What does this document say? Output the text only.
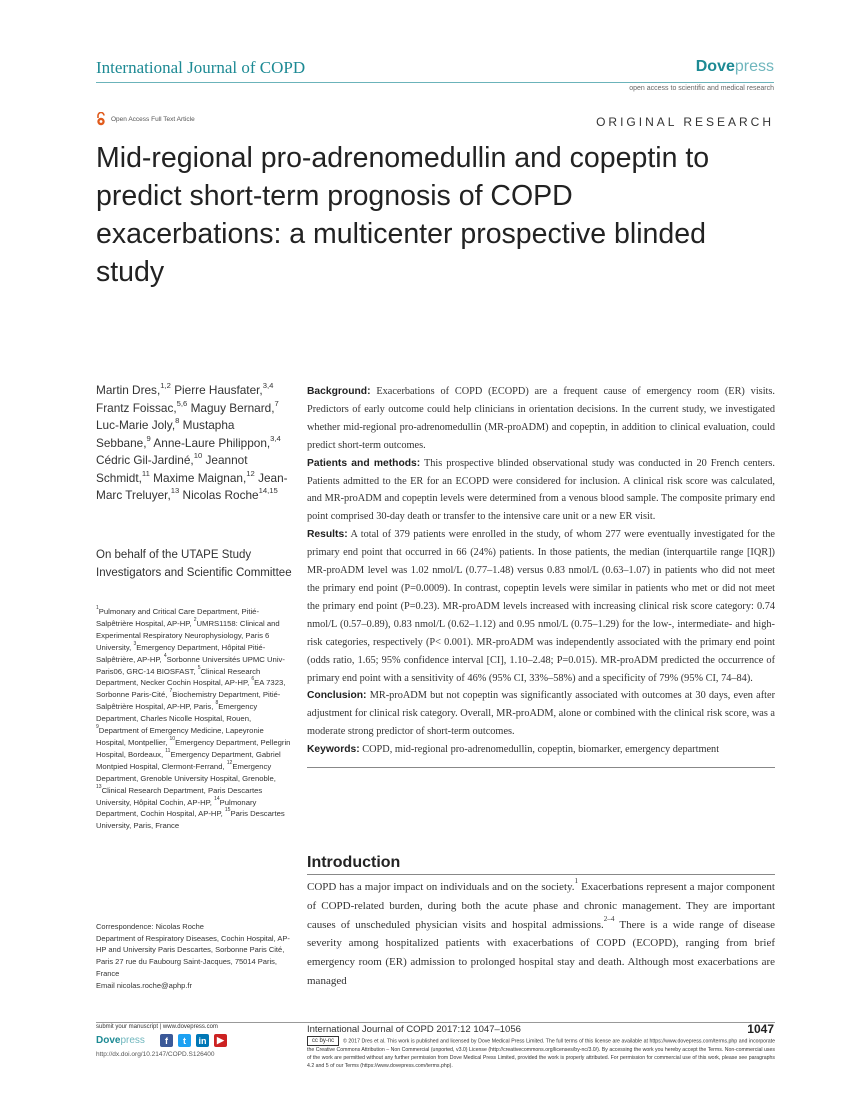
International Journal of COPD	Dovepress
open access to scientific and medical research
Open Access Full Text Article	ORIGINAL RESEARCH
Mid-regional pro-adrenomedullin and copeptin to predict short-term prognosis of COPD exacerbations: a multicenter prospective blinded study
Martin Dres,$^{1,2}$ Pierre Hausfater,$^{3,4}$ Frantz Foissac,$^{5,6}$ Maguy Bernard,$^7$ Luc-Marie Joly,$^8$ Mustapha Sebbane,$^9$ Anne-Laure Philippon,$^{3,4}$ Cédric Gil-Jardiné,$^{10}$ Jeannot Schmidt,$^{11}$ Maxime Maignan,$^{12}$ Jean-Marc Treluyer,$^{13}$ Nicolas Roche$^{14,15}$
On behalf of the UTAPE Study Investigators and Scientific Committee
$^1$Pulmonary and Critical Care Department, Pitié-Salpêtrière Hospital, AP-HP, $^2$UMRS1158: Clinical and Experimental Respiratory Neurophysiology, Paris 6 University, $^3$Emergency Department, Hôpital Pitié-Salpêtrière, AP-HP, $^4$Sorbonne Universités UPMC Univ-Paris06, GRC-14 BIOSFAST, $^5$Clinical Research Department, Necker Cochin Hospital, AP-HP, $^6$EA 7323, Sorbonne Paris-Cité, $^7$Biochemistry Department, Pitié-Salpêtrière Hospital, AP-HP, Paris, $^8$Emergency Department, Charles Nicolle Hospital, Rouen, $^9$Department of Emergency Medicine, Lapeyronie Hospital, Montpellier, $^{10}$Emergency Department, Pellegrin Hospital, Bordeaux, $^{11}$Emergency Department, Gabriel Montpied Hospital, Clermont-Ferrand, $^{12}$Emergency Department, Grenoble University Hospital, Grenoble, $^{13}$Clinical Research Department, Paris Descartes University, Hôpital Cochin, AP-HP, $^{14}$Pulmonary Department, Cochin Hospital, AP-HP, $^{15}$Paris Descartes University, Paris, France
Correspondence: Nicolas Roche
Department of Respiratory Diseases, Cochin Hospital, AP-HP and University Paris Descartes, Sorbonne Paris Cité, Paris 27 rue du Faubourg Saint-Jacques, 75014 Paris, France
Email nicolas.roche@aphp.fr

Background: Exacerbations of COPD (ECOPD) are a frequent cause of emergency room (ER) visits. Predictors of early outcome could help clinicians in orientation decisions. In the current study, we investigated whether mid-regional pro-adrenomedullin (MR-proADM) and copeptin, in addition to clinical evaluation, could predict short-term outcomes.

Patients and methods: This prospective blinded observational study was conducted in 20 French centers. Patients admitted to the ER for an ECOPD were considered for inclusion. A clinical risk score was calculated, and MR-proADM and copeptin levels were determined from a venous blood sample. The composite primary end point comprised 30-day death or transfer to the intensive care unit or a new ER visit.

Results: A total of 379 patients were enrolled in the study, of whom 277 were eventually investigated for the primary end point that occurred in 66 (24%) patients. In those patients, the median (interquartile range [IQR]) MR-proADM level was 1.02 nmol/L (0.77–1.48) versus 0.83 nmol/L (0.63–1.07) in patients who did not meet the primary end point (P=0.0009). In contrast, copeptin levels were similar in patients who met or did not meet the primary end point (P=0.23). MR-proADM levels increased with increasing clinical risk score category: 0.74 nmol/L (0.57–0.89), 0.83 nmol/L (0.62–1.12) and 0.95 nmol/L (0.75–1.29) for the low-, intermediate- and high-risk categories, respectively (P< 0.001). MR-proADM was independently associated with the primary end point (odds ratio, 1.65; 95% confidence interval [CI], 1.10–2.48; P=0.015). MR-proADM predicted the occurrence of primary end point with a sensitivity of 46% (95% CI, 33%–58%) and a specificity of 79% (95% CI, 74–84).

Conclusion: MR-proADM but not copeptin was significantly associated with outcomes at 30 days, even after adjustment for clinical risk category. Overall, MR-proADM, alone or combined with the clinical risk score, was a moderate strong predictor of short-term outcomes.

Keywords: COPD, mid-regional pro-adrenomedullin, copeptin, biomarker, emergency department

Introduction
COPD has a major impact on individuals and on the society.$^1$ Exacerbations represent a major component of COPD-related burden, during both the acute phase and chronic management. They are important causes of unscheduled physician visits and hospital admissions.$^{2-4}$ There is a wide range of disease severity among hospitalized patients with exacerbations of COPD (ECOPD), ranging from brief emergency room (ER) admission to prolonged hospital stay and death. Although most exacerbations are managed
submit your manuscript | www.dovepress.com
Dovepress	f	t	in	▶
http://dx.doi.org/10.2147/COPD.S126400
International Journal of COPD 2017:12 1047–1056	1047
cc by-nc © 2017 Dres et al. This work is published and licensed by Dove Medical Press Limited. The full terms of this license are available at https://www.dovepress.com/terms.php and incorporate the Creative Commons Attribution – Non Commercial (unported, v3.0) License (http://creativecommons.org/licenses/by-nc/3.0/). By accessing the work you hereby accept the Terms. Non-commercial uses of the work are permitted without any further permission from Dove Medical Press Limited, provided the work is properly attributed. For permission for commercial use of this work, please see paragraphs 4.2 and 5 of our Terms (https://www.dovepress.com/terms.php).
